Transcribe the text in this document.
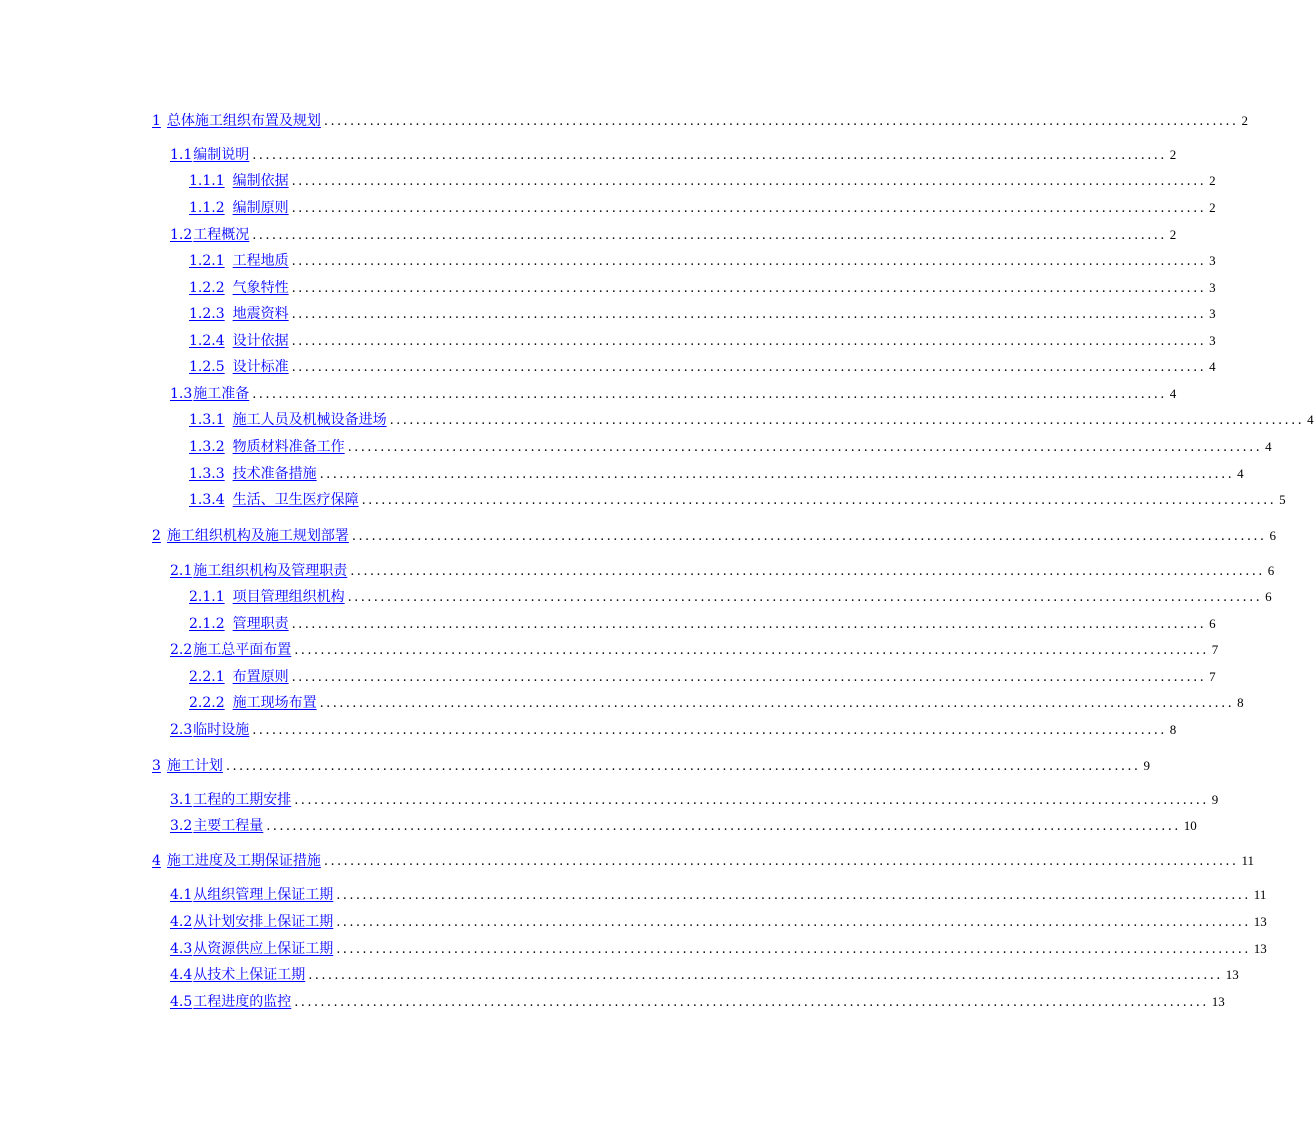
1 总体施工组织布置及规划 ............................................................................................................................................ 2
1.1编制说明 ............................................................................................................................................ 2
1.1.1 编制依据 ............................................................................................................................................ 2
1.1.2 编制原则 ............................................................................................................................................ 2
1.2工程概况 ............................................................................................................................................ 2
1.2.1 工程地质 ............................................................................................................................................ 3
1.2.2 气象特性 ............................................................................................................................................ 3
1.2.3 地震资料 ............................................................................................................................................ 3
1.2.4 设计依据 ............................................................................................................................................ 3
1.2.5 设计标准 ............................................................................................................................................ 4
1.3施工准备 ............................................................................................................................................ 4
1.3.1 施工人员及机械设备进场 ............................................................................................................................................ 4
1.3.2 物质材料准备工作 ............................................................................................................................................ 4
1.3.3 技术准备措施 ............................................................................................................................................ 4
1.3.4 生活、卫生医疗保障 ............................................................................................................................................ 5
2 施工组织机构及施工规划部署 ............................................................................................................................................ 6
2.1施工组织机构及管理职责 ............................................................................................................................................ 6
2.1.1 项目管理组织机构 ............................................................................................................................................ 6
2.1.2 管理职责 ............................................................................................................................................ 6
2.2施工总平面布置 ............................................................................................................................................ 7
2.2.1 布置原则 ............................................................................................................................................ 7
2.2.2 施工现场布置 ............................................................................................................................................ 8
2.3临时设施 ............................................................................................................................................ 8
3 施工计划 ............................................................................................................................................ 9
3.1工程的工期安排 ............................................................................................................................................ 9
3.2主要工程量 ............................................................................................................................................ 10
4 施工进度及工期保证措施 ............................................................................................................................................ 11
4.1从组织管理上保证工期 ............................................................................................................................................ 11
4.2从计划安排上保证工期 ............................................................................................................................................ 13
4.3从资源供应上保证工期 ............................................................................................................................................ 13
4.4从技术上保证工期 ............................................................................................................................................ 13
4.5工程进度的监控 ............................................................................................................................................ 13
